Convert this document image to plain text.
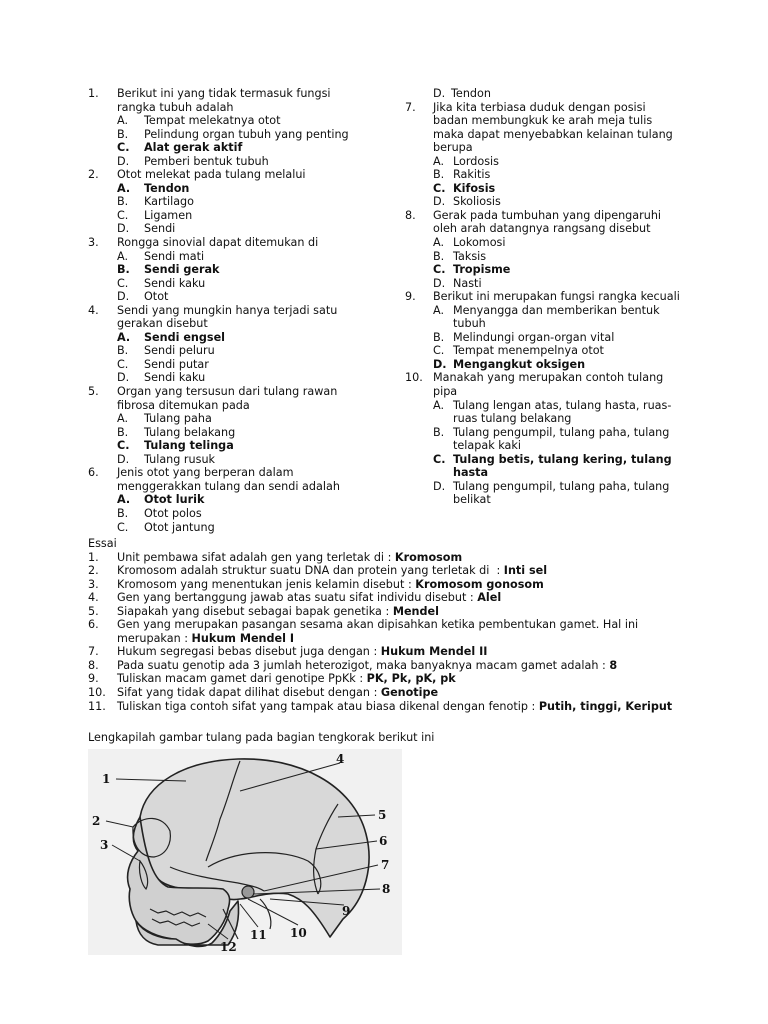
1. Berikut ini yang tidak termasuk fungsi
rangka tubuh adalah
A. Tempat melekatnya otot
B. Pelindung organ tubuh yang penting
C. Alat gerak aktif
D. Pemberi bentuk tubuh
2. Otot melekat pada tulang melalui
A. Tendon
B. Kartilago
C. Ligamen
D. Sendi
3. Rongga sinovial dapat ditemukan di
A. Sendi mati
B. Sendi gerak
C. Sendi kaku
D. Otot
4. Sendi yang mungkin hanya terjadi satu
gerakan disebut
A. Sendi engsel
B. Sendi peluru
C. Sendi putar
D. Sendi kaku
5. Organ yang tersusun dari tulang rawan
fibrosa ditemukan pada
A. Tulang paha
B. Tulang belakang
C. Tulang telinga
D. Tulang rusuk
6. Jenis otot yang berperan dalam
menggerakkan tulang dan sendi adalah
A. Otot lurik
B. Otot polos
C. Otot jantung
D. Tendon
7. Jika kita terbiasa duduk dengan posisi
badan membungkuk ke arah meja tulis
maka dapat menyebabkan kelainan tulang
berupa
A. Lordosis
B. Rakitis
C. Kifosis
D. Skoliosis
8. Gerak pada tumbuhan yang dipengaruhi
oleh arah datangnya rangsang disebut
A. Lokomosi
B. Taksis
C. Tropisme
D. Nasti
9. Berikut ini merupakan fungsi rangka kecuali
A. Menyangga dan memberikan bentuk
tubuh
B. Melindungi organ-organ vital
C. Tempat menempelnya otot
D. Mengangkut oksigen
10. Manakah yang merupakan contoh tulang
pipa
A. Tulang lengan atas, tulang hasta, ruas-
ruas tulang belakang
B. Tulang pengumpil, tulang paha, tulang
telapak kaki
C. Tulang betis, tulang kering, tulang
hasta
D. Tulang pengumpil, tulang paha, tulang
belikat
Essai
1. Unit pembawa sifat adalah gen yang terletak di : Kromosom
2. Kromosom adalah struktur suatu DNA dan protein yang terletak di  : Inti sel
3. Kromosom yang menentukan jenis kelamin disebut : Kromosom gonosom
4. Gen yang bertanggung jawab atas suatu sifat individu disebut : Alel
5. Siapakah yang disebut sebagai bapak genetika : Mendel
6. Gen yang merupakan pasangan sesama akan dipisahkan ketika pembentukan gamet. Hal ini
merupakan : Hukum Mendel I
7. Hukum segregasi bebas disebut juga dengan : Hukum Mendel II
8. Pada suatu genotip ada 3 jumlah heterozigot, maka banyaknya macam gamet adalah : 8
9. Tuliskan macam gamet dari genotipe PpKk : PK, Pk, pK, pk
10. Sifat yang tidak dapat dilihat disebut dengan : Genotipe
11. Tuliskan tiga contoh sifat yang tampak atau biasa dikenal dengan fenotip : Putih, tinggi, Keriput
Lengkapilah gambar tulang pada bagian tengkorak berikut ini
1
2
3
4
5
6
7
8
9
10
11
12
